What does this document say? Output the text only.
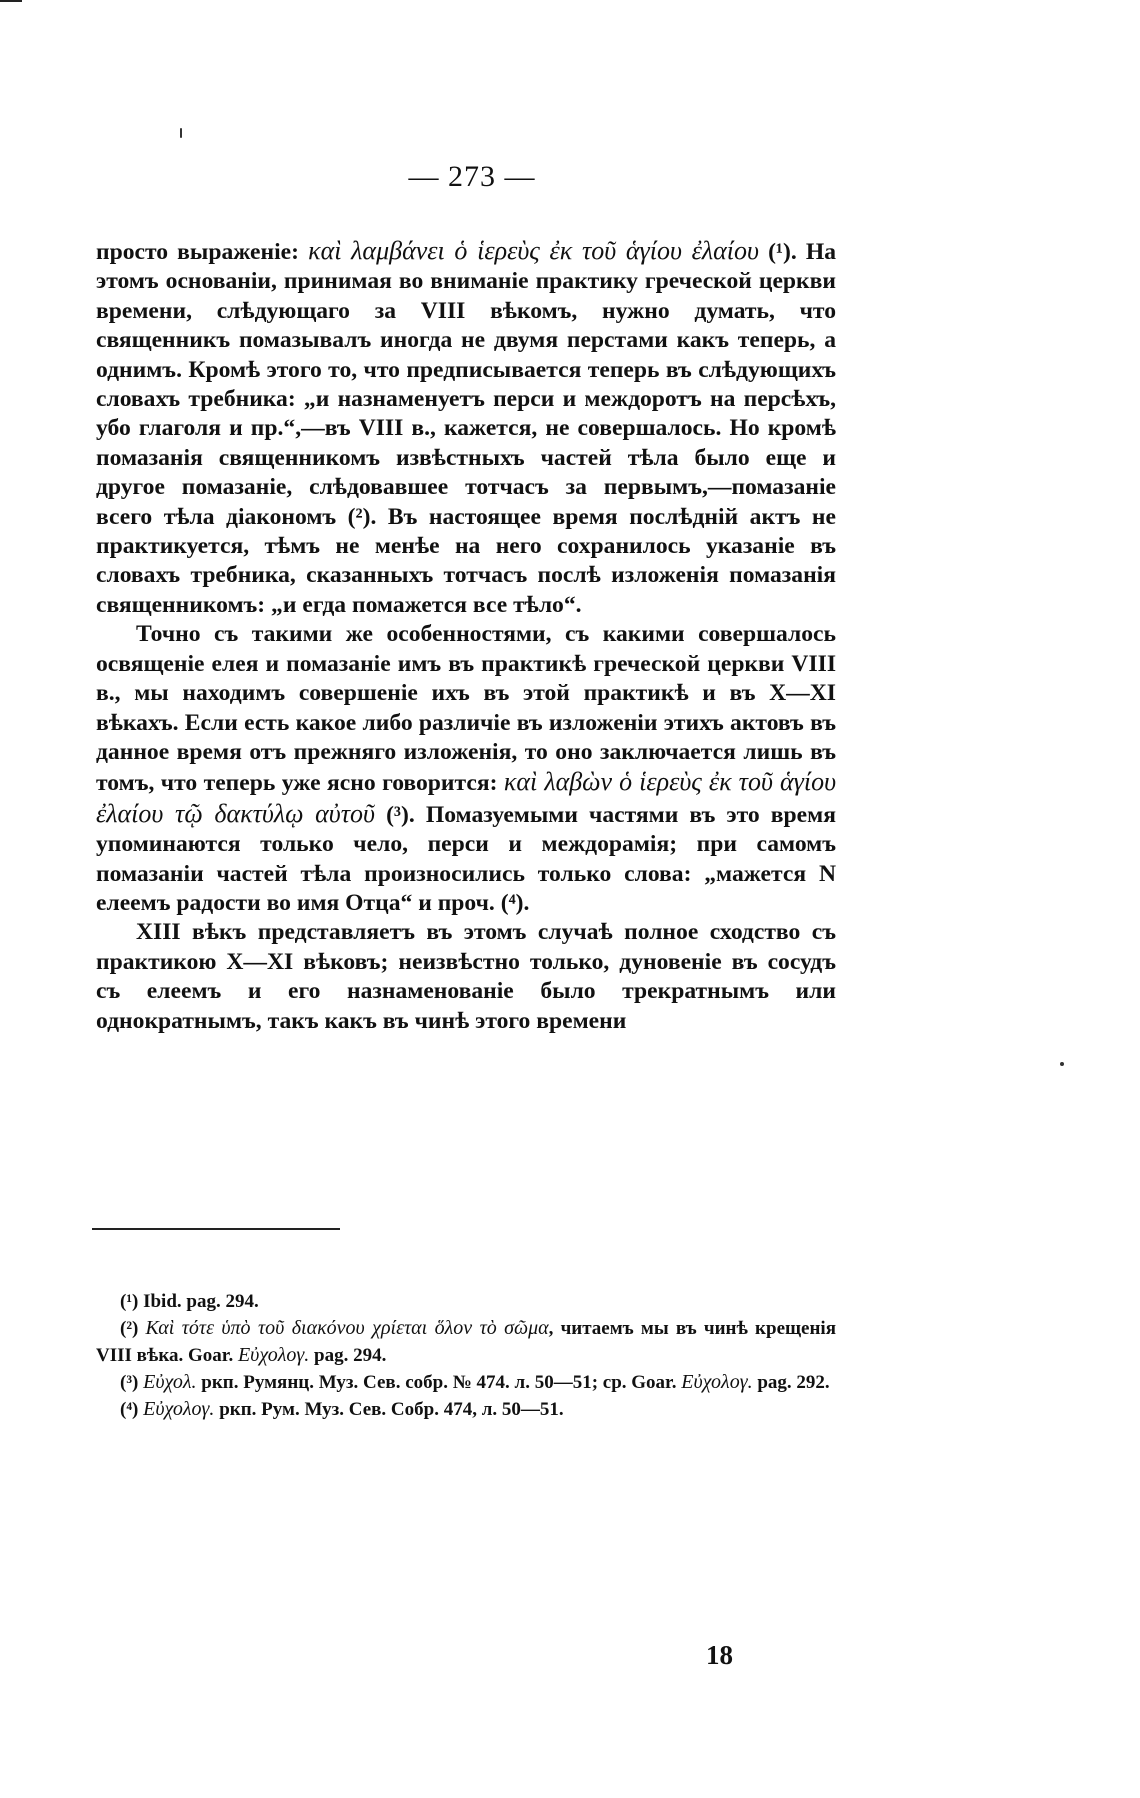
— 273 —

просто выраженіе: καὶ λαμβάνει ὁ ἱερεὺς ἐκ τοῦ ἁγίου ἐλαίου (¹). На этомъ основаніи, принимая во вниманіе практику греческой церкви времени, слѣдующаго за VIII вѣкомъ, нужно думать, что священникъ помазывалъ иногда не двумя перстами какъ теперь, а однимъ. Кромѣ этого то, что предписывается теперь въ слѣдующихъ словахъ требника: „и назнаменуетъ перси и междоротъ на персѣхъ, убо глаголя и пр.“,—въ VIII в., кажется, не совершалось. Но кромѣ помазанія священникомъ извѣстныхъ частей тѣла было еще и другое помазаніе, слѣдовавшее тотчасъ за первымъ,—помазаніе всего тѣла діакономъ (²). Въ настоящее время послѣдній актъ не практикуется, тѣмъ не менѣе на него сохранилось указаніе въ словахъ требника, сказанныхъ тотчасъ послѣ изложенія помазанія священникомъ: „и егда помажется все тѣло“.

Точно съ такими же особенностями, съ какими совершалось освященіе елея и помазаніе имъ въ практикѣ греческой церкви VIII в., мы находимъ совершеніе ихъ въ этой практикѣ и въ X—XI вѣкахъ. Если есть какое либо различіе въ изложеніи этихъ актовъ въ данное время отъ прежняго изложенія, то оно заключается лишь въ томъ, что теперь уже ясно говорится: καὶ λαβὼν ὁ ἱερεὺς ἐκ τοῦ ἁγίου ἐλαίου τῷ δακτύλῳ αὐτοῦ (³). Помазуемыми частями въ это время упоминаются только чело, перси и междорамія; при самомъ помазаніи частей тѣла произносились только слова: „мажется N елеемъ радости во имя Отца“ и проч. (⁴).

XIII вѣкъ представляетъ въ этомъ случаѣ полное сходство съ практикою X—XI вѣковъ; неизвѣстно только, дуновеніе въ сосудъ съ елеемъ и его назнаменованіе было трекратнымъ или однократнымъ, такъ какъ въ чинѣ этого времени

(¹) Ibid. pag. 294.

(²) Καὶ τότε ὑπὸ τοῦ διακόνου χρίεται ὅλον τὸ σῶμα, читаемъ мы въ чинѣ крещенія VIII вѣка. Goar. Εὐχολογ. pag. 294.

(³) Εὐχολ. ркп. Румянц. Муз. Сев. собр. № 474. л. 50—51; ср. Goar. Εὐχολογ. pag. 292.

(⁴) Εὐχολογ. ркп. Рум. Муз. Сев. Собр. 474, л. 50—51.

18
